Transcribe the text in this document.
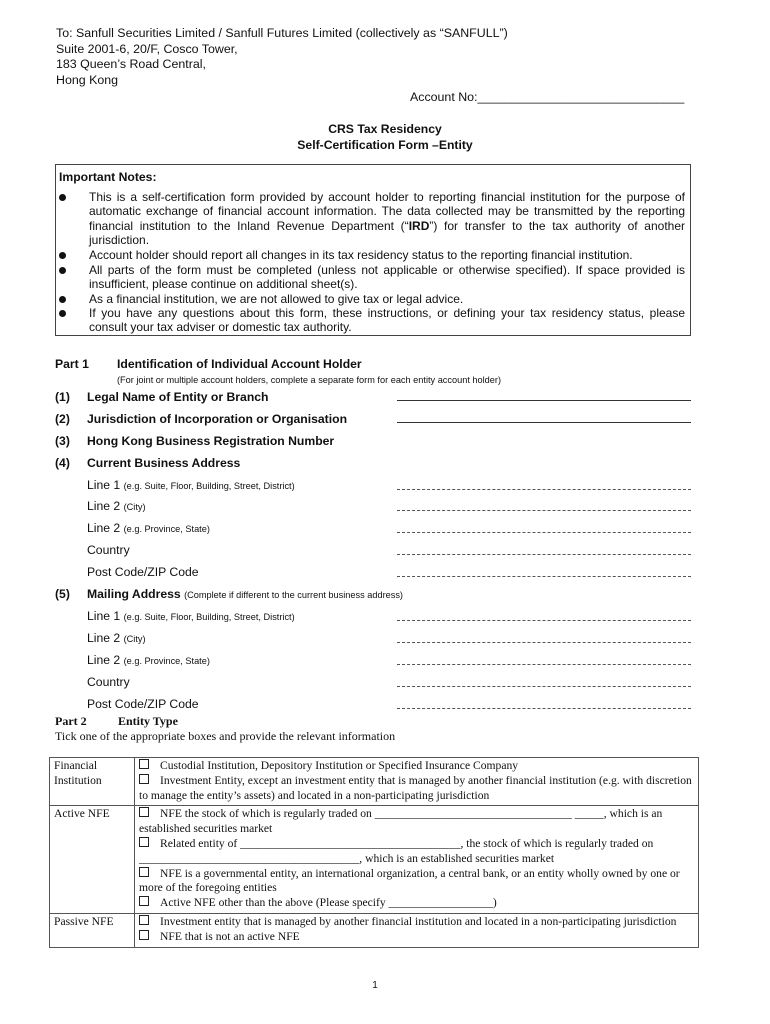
To: Sanfull Securities Limited / Sanfull Futures Limited (collectively as “SANFULL”)
Suite 2001-6, 20/F, Cosco Tower,
183 Queen’s Road Central,
Hong Kong
Account No:______________________________
CRS Tax Residency
Self-Certification Form –Entity
Important Notes:
This is a self-certification form provided by account holder to reporting financial institution for the purpose of automatic exchange of financial account information. The data collected may be transmitted by the reporting financial institution to the Inland Revenue Department (“IRD”) for transfer to the tax authority of another jurisdiction.
Account holder should report all changes in its tax residency status to the reporting financial institution.
All parts of the form must be completed (unless not applicable or otherwise specified). If space provided is insufficient, please continue on additional sheet(s).
As a financial institution, we are not allowed to give tax or legal advice.
If you have any questions about this form, these instructions, or defining your tax residency status, please consult your tax adviser or domestic tax authority.
Part 1 Identification of Individual Account Holder
(For joint or multiple account holders, complete a separate form for each entity account holder)
(1) Legal Name of Entity or Branch
(2) Jurisdiction of Incorporation or Organisation
(3) Hong Kong Business Registration Number
(4) Current Business Address
Line 1 (e.g. Suite, Floor, Building, Street, District)
Line 2 (City)
Line 2 (e.g. Province, State)
Country
Post Code/ZIP Code
(5) Mailing Address (Complete if different to the current business address)
Line 1 (e.g. Suite, Floor, Building, Street, District)
Line 2 (City)
Line 2 (e.g. Province, State)
Country
Post Code/ZIP Code
Part 2	Entity Type
Tick one of the appropriate boxes and provide the relevant information
Financial Institution	Custodial Institution, Depository Institution or Specified Insurance Company
Investment Entity, except an investment entity that is managed by another financial institution (e.g. with discretion to manage the entity’s assets) and located in a non-participating jurisdiction

Active NFE	NFE the stock of which is regularly traded on __________________________________ _____, which is an established securities market
Related entity of ______________________________________, the stock of which is regularly traded on ______________________________________, which is an established securities market
NFE is a governmental entity, an international organization, a central bank, or an entity wholly owned by one or more of the foregoing entities
Active NFE other than the above (Please specify __________________)

Passive NFE	Investment entity that is managed by another financial institution and located in a non-participating jurisdiction
NFE that is not an active NFE
1
